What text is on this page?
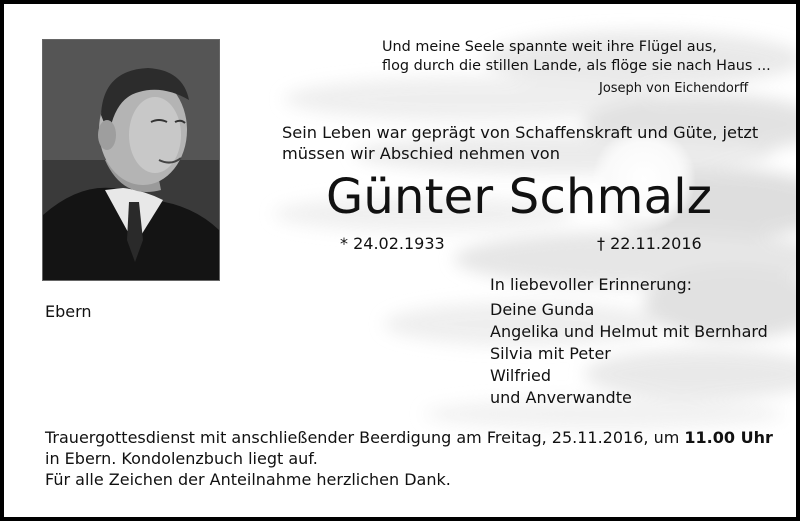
Und meine Seele spannte weit ihre Flügel aus,
flog durch die stillen Lande, als flöge sie nach Haus ...
Joseph von Eichendorff
Sein Leben war geprägt von Schaffenskraft und Güte, jetzt
müssen wir Abschied nehmen von
Günter Schmalz
* 24.02.1933	† 22.11.2016
Ebern
In liebevoller Erinnerung:
Deine Gunda
Angelika und Helmut mit Bernhard
Silvia mit Peter
Wilfried
und Anverwandte
Trauergottesdienst mit anschließender Beerdigung am Freitag, 25.11.2016, um 11.00 Uhr
in Ebern. Kondolenzbuch liegt auf.
Für alle Zeichen der Anteilnahme herzlichen Dank.
